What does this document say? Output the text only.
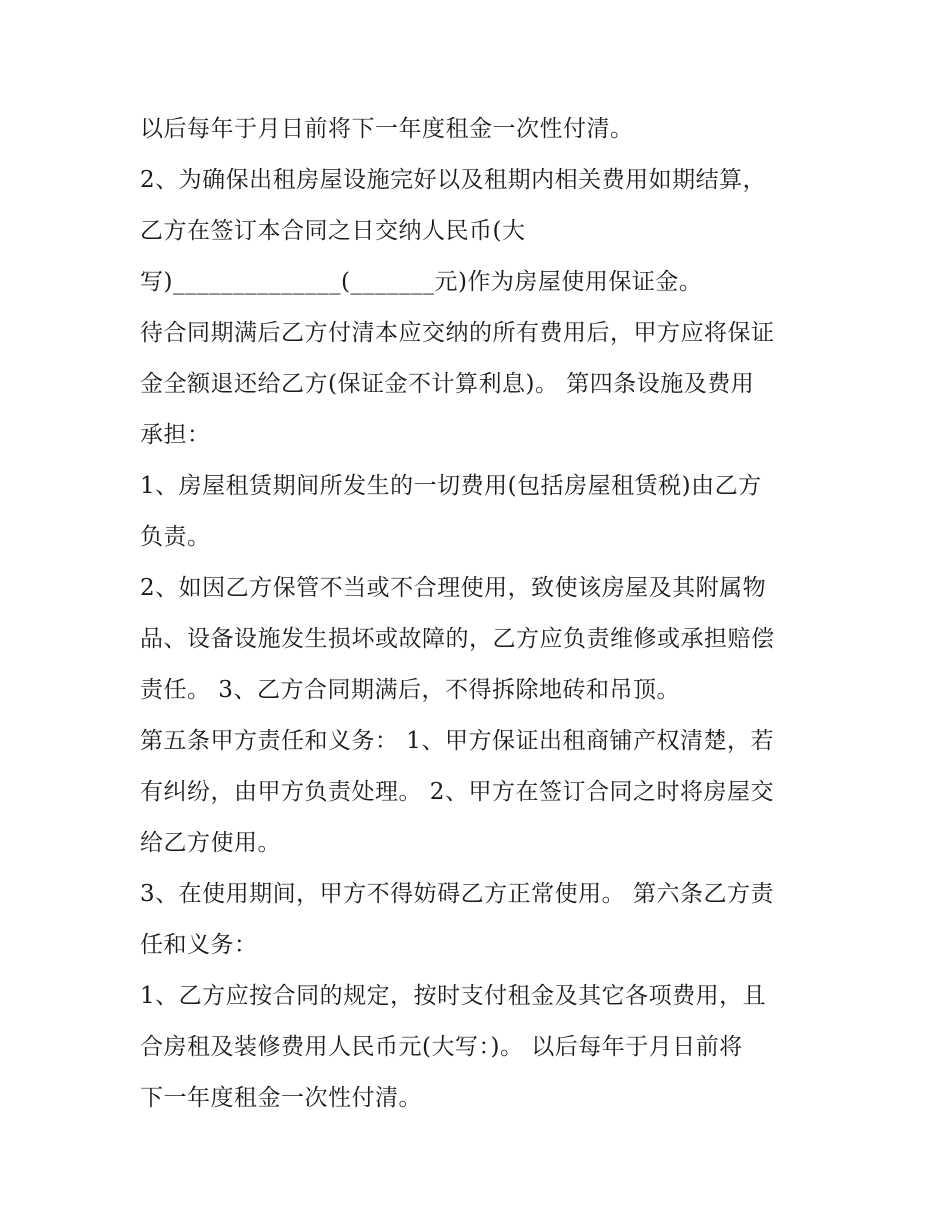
以后每年于月日前将下一年度租金一次性付清。
2、为确保出租房屋设施完好以及租期内相关费用如期结算，
乙方在签订本合同之日交纳人民币(大
写)______________(_______元)作为房屋使用保证金。
待合同期满后乙方付清本应交纳的所有费用后，甲方应将保证
金全额退还给乙方(保证金不计算利息)。 第四条设施及费用
承担：
1、房屋租赁期间所发生的一切费用(包括房屋租赁税)由乙方
负责。
2、如因乙方保管不当或不合理使用，致使该房屋及其附属物
品、设备设施发生损坏或故障的，乙方应负责维修或承担赔偿
责任。 3、乙方合同期满后，不得拆除地砖和吊顶。
第五条甲方责任和义务： 1、甲方保证出租商铺产权清楚，若
有纠纷，由甲方负责处理。 2、甲方在签订合同之时将房屋交
给乙方使用。
3、在使用期间，甲方不得妨碍乙方正常使用。 第六条乙方责
任和义务：
1、乙方应按合同的规定，按时支付租金及其它各项费用，且
合房租及装修费用人民币元(大写：)。 以后每年于月日前将
下一年度租金一次性付清。
